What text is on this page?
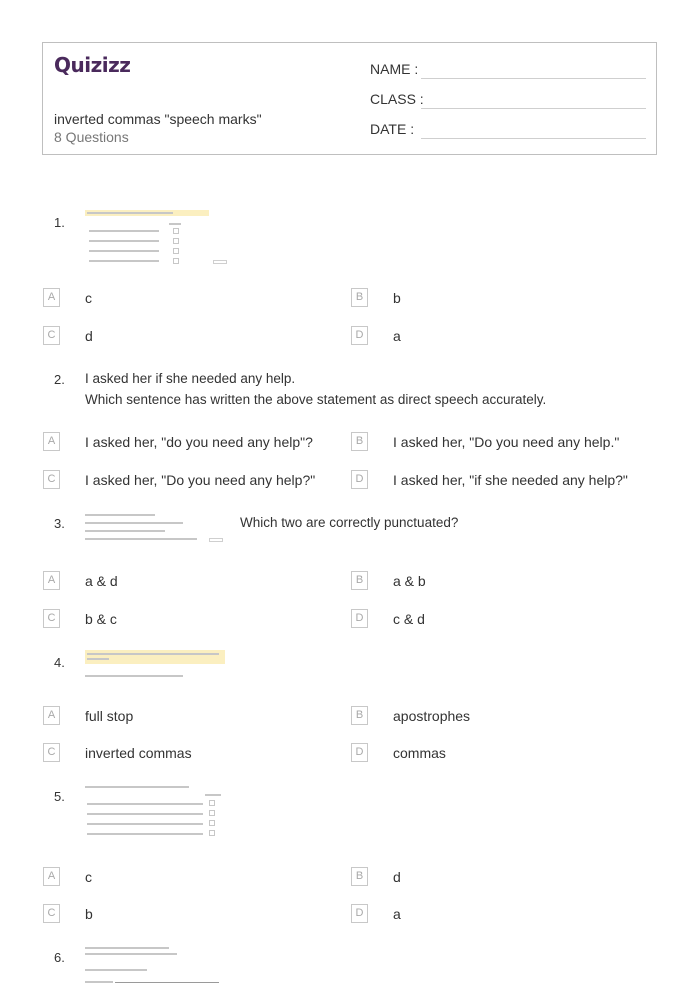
Quizizz
inverted commas "speech marks"
8 Questions
NAME :
CLASS :
DATE :
1.
A	c	B	b
C	d	D	a
2. I asked her if she needed any help.
Which sentence has written the above statement as direct speech accurately.
A	I asked her, "do you need any help"?	B	I asked her, "Do you need any help."
C	I asked her, "Do you need any help?"	D	I asked her, "if she needed any help?"
3.	Which two are correctly punctuated?
A	a & d	B	a & b
C	b & c	D	c & d
4.
A	full stop	B	apostrophes
C	inverted commas	D	commas
5.
A	c	B	d
C	b	D	a
6.
